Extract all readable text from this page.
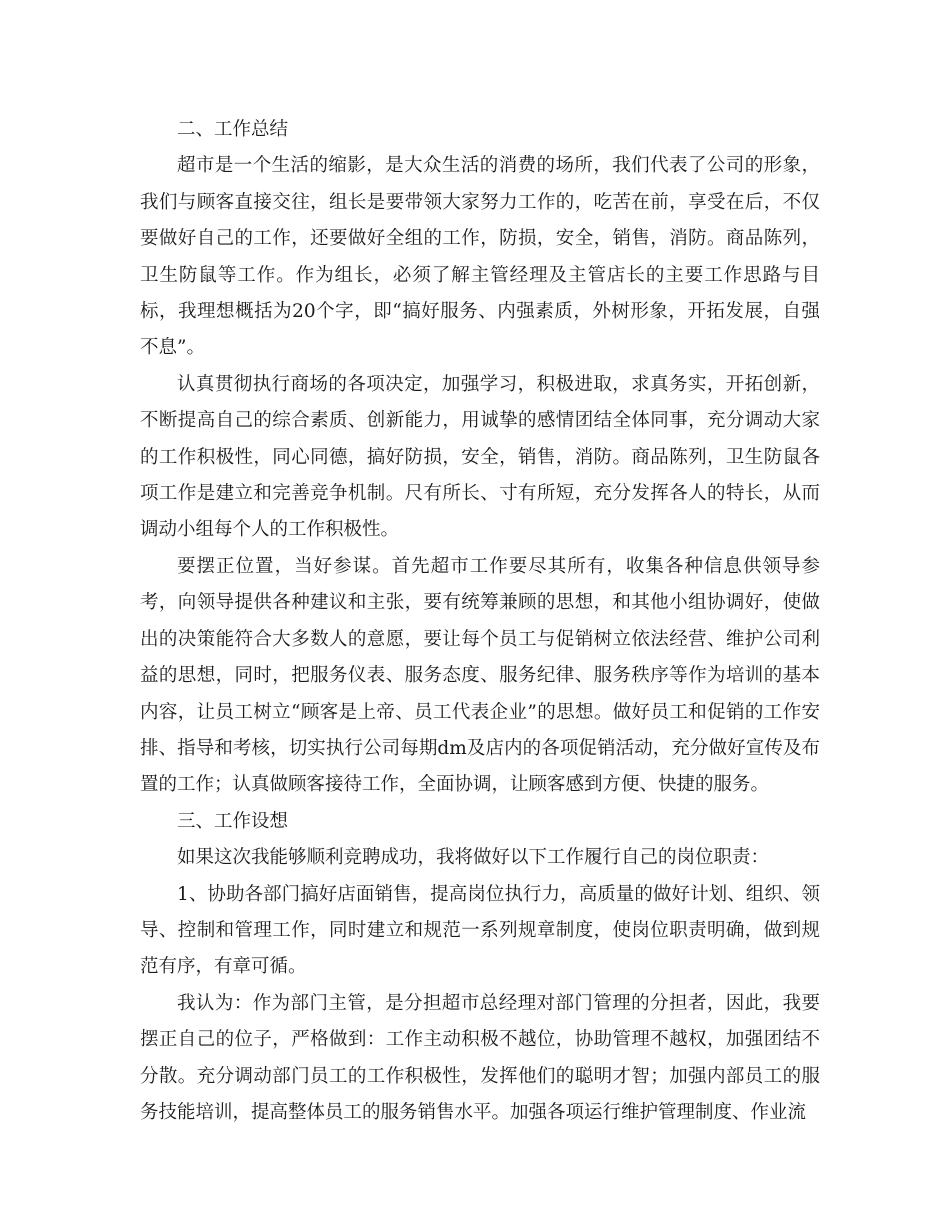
二、工作总结

超市是一个生活的缩影，是大众生活的消费的场所，我们代表了公司的形象，我们与顾客直接交往，组长是要带领大家努力工作的，吃苦在前，享受在后，不仅要做好自己的工作，还要做好全组的工作，防损，安全，销售，消防。商品陈列，卫生防鼠等工作。作为组长，必须了解主管经理及主管店长的主要工作思路与目标，我理想概括为20个字，即“搞好服务、内强素质，外树形象，开拓发展，自强不息”。

认真贯彻执行商场的各项决定，加强学习，积极进取，求真务实，开拓创新，不断提高自己的综合素质、创新能力，用诚挚的感情团结全体同事，充分调动大家的工作积极性，同心同德，搞好防损，安全，销售，消防。商品陈列，卫生防鼠各项工作是建立和完善竞争机制。尺有所长、寸有所短，充分发挥各人的特长，从而调动小组每个人的工作积极性。

要摆正位置，当好参谋。首先超市工作要尽其所有，收集各种信息供领导参考，向领导提供各种建议和主张，要有统筹兼顾的思想，和其他小组协调好，使做出的决策能符合大多数人的意愿，要让每个员工与促销树立依法经营、维护公司利益的思想，同时，把服务仪表、服务态度、服务纪律、服务秩序等作为培训的基本内容，让员工树立“顾客是上帝、员工代表企业”的思想。做好员工和促销的工作安排、指导和考核，切实执行公司每期dm及店内的各项促销活动，充分做好宣传及布置的工作；认真做顾客接待工作，全面协调，让顾客感到方便、快捷的服务。

三、工作设想

如果这次我能够顺利竞聘成功，我将做好以下工作履行自己的岗位职责：

1、协助各部门搞好店面销售，提高岗位执行力，高质量的做好计划、组织、领导、控制和管理工作，同时建立和规范一系列规章制度，使岗位职责明确，做到规范有序，有章可循。

我认为：作为部门主管，是分担超市总经理对部门管理的分担者，因此，我要摆正自己的位子，严格做到：工作主动积极不越位，协助管理不越权，加强团结不分散。充分调动部门员工的工作积极性，发挥他们的聪明才智；加强内部员工的服务技能培训，提高整体员工的服务销售水平。加强各项运行维护管理制度、作业流
